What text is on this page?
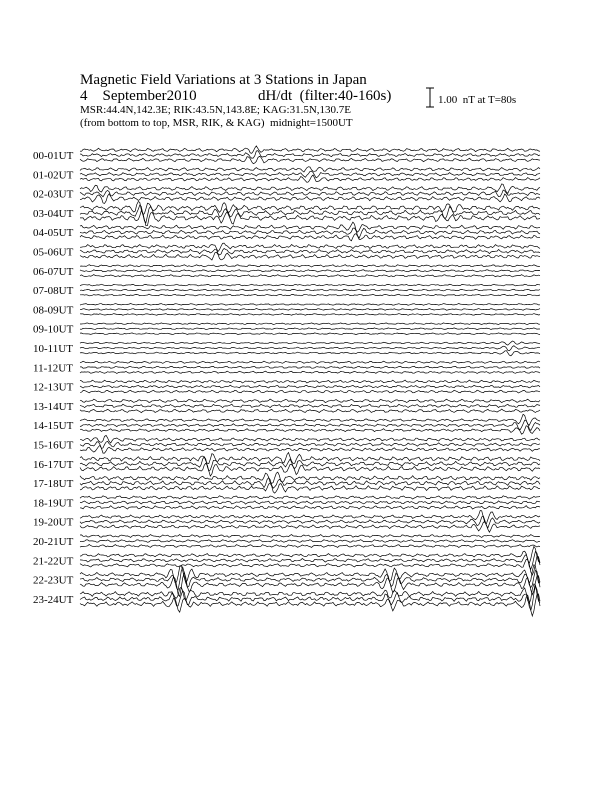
Magnetic Field Variations at 3 Stations in Japan
4    September2010	dH/dt  (filter:40-160s)
MSR:44.4N,142.3E; RIK:43.5N,143.8E; KAG:31.5N,130.7E
(from bottom to top, MSR, RIK, & KAG)  midnight=1500UT
1.00  nT at T=80s
00-01UT
01-02UT
02-03UT
03-04UT
04-05UT
05-06UT
06-07UT
07-08UT
08-09UT
09-10UT
10-11UT
11-12UT
12-13UT
13-14UT
14-15UT
15-16UT
16-17UT
17-18UT
18-19UT
19-20UT
20-21UT
21-22UT
22-23UT
23-24UT
